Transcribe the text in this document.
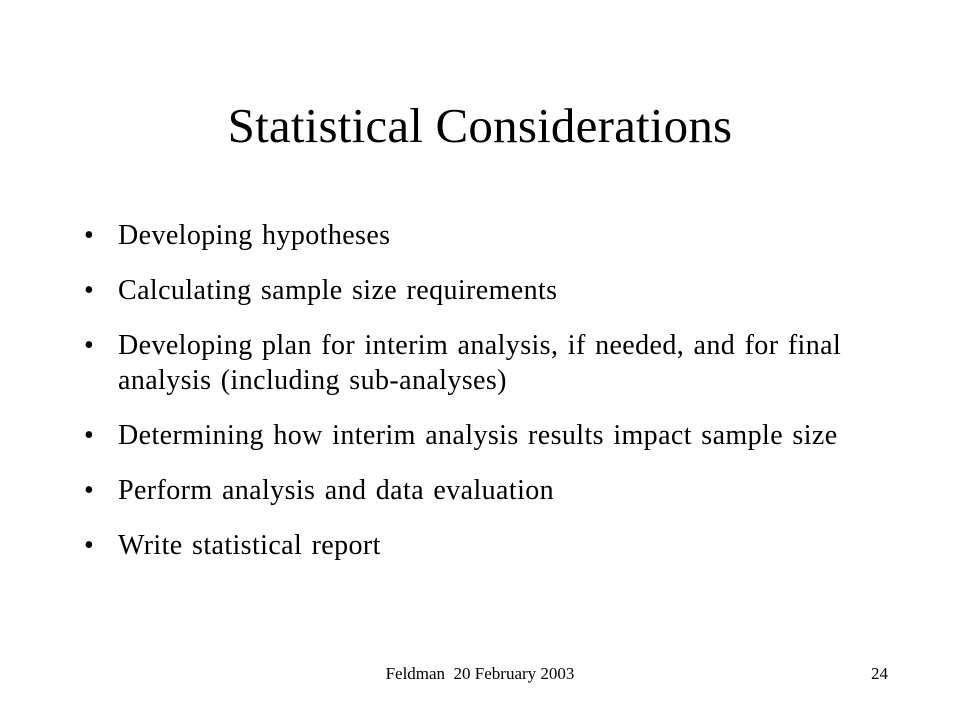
Statistical Considerations
• Developing hypotheses
• Calculating sample size requirements
• Developing plan for interim analysis, if needed, and for final analysis (including sub-analyses)
• Determining how interim analysis results impact sample size
• Perform analysis and data evaluation
• Write statistical report
Feldman  20 February 2003	24
